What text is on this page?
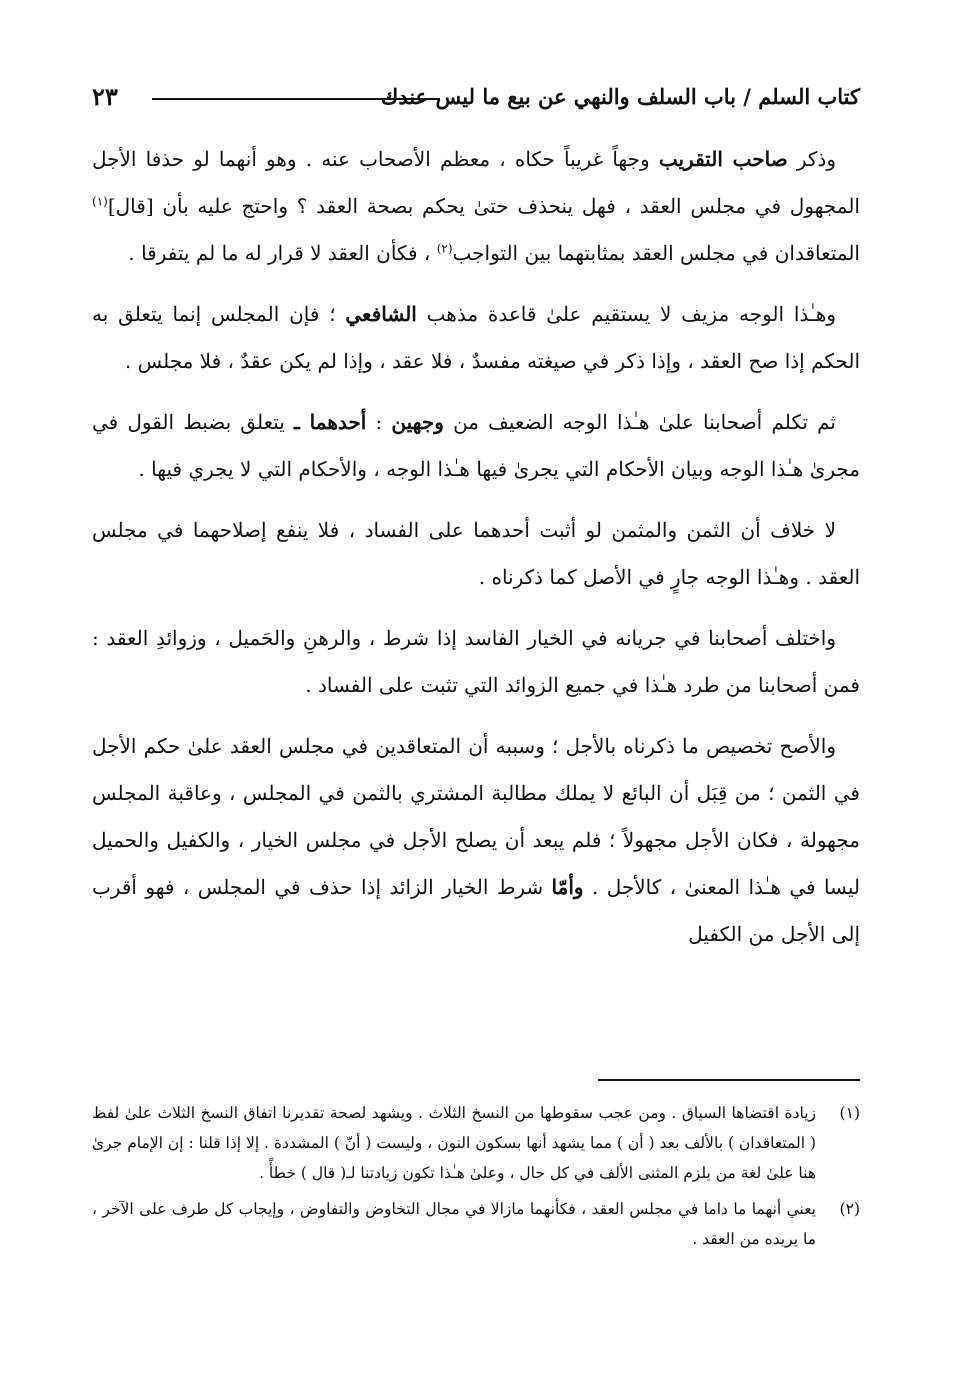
كتاب السلم / باب السلف والنهي عن بيع ما ليس عندك
٢٣

وذكر صاحب التقريب وجهاً غريباً حكاه ، معظم الأصحاب عنه . وهو أنهما لو حذفا الأجل المجهول في مجلس العقد ، فهل ينحذف حتىٰ يحكم بصحة العقد ؟ واحتج عليه بأن [قال]$^{(١)}$ المتعاقدان في مجلس العقد بمثابتهما بين التواجب$^{(٢)}$ ، فكأن العقد لا قرار له ما لم يتفرقا .

وهـٰذا الوجه مزيف لا يستقيم علىٰ قاعدة مذهب الشافعي ؛ فإن المجلس إنما يتعلق به الحكم إذا صح العقد ، وإذا ذكر في صيغته مفسدٌ ، فلا عقد ، وإذا لم يكن عقدٌ ، فلا مجلس .

ثم تكلم أصحابنا علىٰ هـٰذا الوجه الضعيف من وجهين : أحدهما ـ يتعلق بضبط القول في مجرىٰ هـٰذا الوجه وبيان الأحكام التي يجرىٰ فيها هـٰذا الوجه ، والأحكام التي لا يجري فيها .

لا خلاف أن الثمن والمثمن لو أثبت أحدهما على الفساد ، فلا ينفع إصلاحهما في مجلس العقد . وهـٰذا الوجه جارٍ في الأصل كما ذكرناه .

واختلف أصحابنا في جريانه في الخيار الفاسد إذا شرط ، والرهنِ والحَميل ، وزوائدِ العقد : فمن أصحابنا من طرد هـٰذا في جميع الزوائد التي تثبت على الفساد .

والأصح تخصيص ما ذكرناه بالأجل ؛ وسببه أن المتعاقدين في مجلس العقد علىٰ حكم الأجل في الثمن ؛ من قِبَل أن البائع لا يملك مطالبة المشتري بالثمن في المجلس ، وعاقبة المجلس مجهولة ، فكان الأجل مجهولاً ؛ فلم يبعد أن يصلح الأجل في مجلس الخيار ، والكفيل والحميل ليسا في هـٰذا المعنىٰ ، كالأجل . وأمّا شرط الخيار الزائد إذا حذف في المجلس ، فهو أقرب إلى الأجل من الكفيل

(١)
زيادة اقتضاها السياق . ومن عجب سقوطها من النسخ الثلاث . ويشهد لصحة تقديرنا اتفاق النسخ الثلاث علىٰ لفظ ( المتعاقدان ) بالألف بعد ( أن ) مما يشهد أنها بسكون النون ، وليست ( أنّ ) المشددة . إلا إذا قلنا : إن الإمام جرىٰ هنا علىٰ لغة من يلزم المثنى الألف في كل حال ، وعلىٰ هـٰذا تكون زيادتنا لـ( قال ) خطأً .
(٢)
يعني أنهما ما داما في مجلس العقد ، فكأنهما مازالا في مجال التخاوض والتفاوض ، وإيجاب كل طرف على الآخر ، ما يريده من العقد .
